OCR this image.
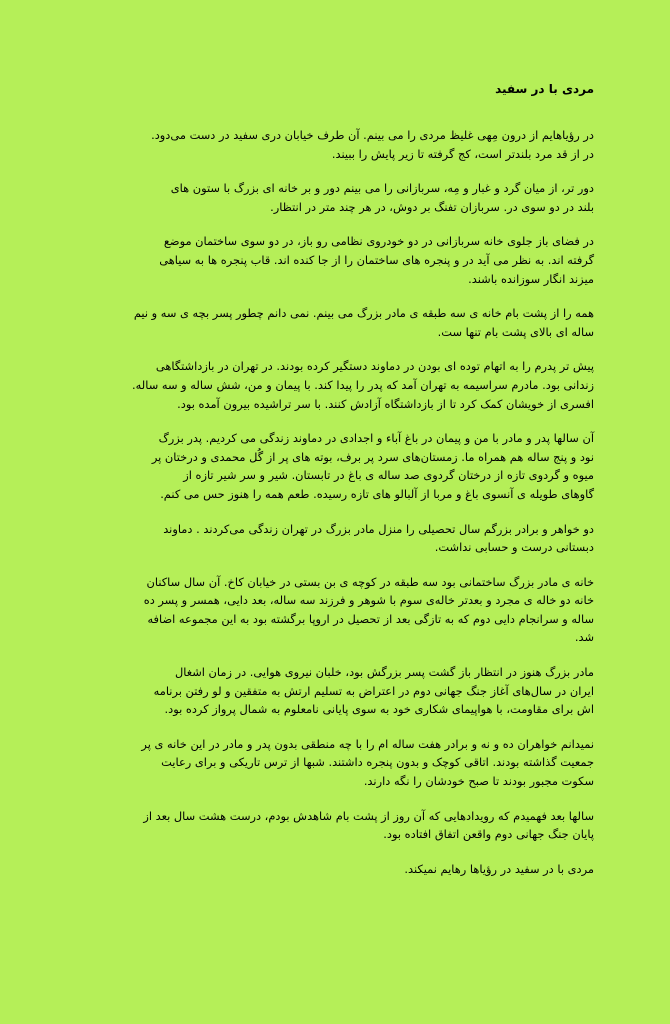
مردی با در سفید
در رؤیاهایم از درون مِهی غلیظ مردی را می بینم. آن طرف خیابان دری سفید در دست می‌دود.
در از قد مرد بلندتر است، کج گرفته تا زیر پایش را ببیند.
دور تر، از میان گرد و غبار و مِه، سربازانی را می بینم دور و بر خانه ای بزرگ با ستون های
بلند در دو سوی در. سربازان تفنگ بر دوش، در هر چند متر در انتظار.
در فضای باز جلوی خانه سربازانی در دو خودروی نظامی رو باز، در دو سوی ساختمان موضع
گرفته اند. به نظر می آید در و پنجره های ساختمان را از جا کنده اند. قاب پنجره ها به سیاهی
میزند انگار سوزانده باشند.
همه را از پشت بام خانه ی سه طبقه ی مادر بزرگ می بینم. نمی دانم چطور پسر بچه ی سه و نیم
ساله ای بالای پشت بام تنها ست.
پیش تر پدرم را به اتهام توده ای بودن در دماوند دستگیر کرده بودند. در تهران در بازداشتگاهی
زندانی بود. مادرم سراسیمه به تهران آمد که پدر را پیدا کند. با پیمان و من، شش ساله و سه ساله.
افسری از خویشان کمک کرد تا از بازداشتگاه آزادش کنند. با سر تراشیده بیرون آمده بود.
آن سالها پدر و مادر با من و پیمان در باغ آباء و اجدادی در دماوند زندگی می کردیم. پدر بزرگ
نود و پنج ساله هم همراه ما. زمستان‌های سرد پر برف، بوته های پر از گُل محمدی و درختان پر
میوه و گردوی تازه از درختان گردوی صد ساله ی باغ در تابستان. شیر و سر شیر تازه از
گاوهای طویله ی آنسوی باغ و مربا از آلبالو های تازه رسیده. طعم همه را هنوز حس می کنم.
دو خواهر و برادر بزرگم سال تحصیلی را منزل مادر بزرگ در تهران زندگی می‌کردند . دماوند
دبستانی درست و حسابی نداشت.
خانه ی مادر بزرگ ساختمانی بود سه طبقه در کوچه ی بن بستی در خیابان کاخ. آن سال ساکنان
خانه دو خاله ی مجرد و بعدتر خاله‌ی سوم با شوهر و فرزند سه ساله، بعد دایی، همسر و پسر ده
ساله و سرانجام دایی دوم که به تازگی بعد از تحصیل در اروپا برگشته بود به این مجموعه اضافه
شد.
مادر بزرگ هنوز در انتظار باز گشت پسر بزرگش بود، خلبان نیروی هوایی. در زمان اشغال
ایران در سال‌های آغاز جنگ جهانی دوم در اعتراض به تسلیم ارتش به متفقین و لو رفتن برنامه
اش برای مقاومت، با هواپیمای شکاری خود به سوی پایانی نامعلوم به شمال پرواز کرده بود.
نمیدانم خواهران ده و نه و برادر هفت ساله ام را با چه منطقی بدون پدر و مادر در این خانه ی پر
جمعیت گذاشته بودند. اتاقی کوچک و بدون پنجره داشتند. شبها از ترس تاریکی و برای رعایت
سکوت مجبور بودند تا صبح خودشان را نگه دارند.
سالها بعد فهمیدم که رویدادهایی که آن روز از پشت بام شاهدش بودم، درست هشت سال بعد از
پایان جنگ جهانی دوم واقعن اتفاق افتاده بود.
مردی با در سفید در رؤیاها رهایم نمیکند.
